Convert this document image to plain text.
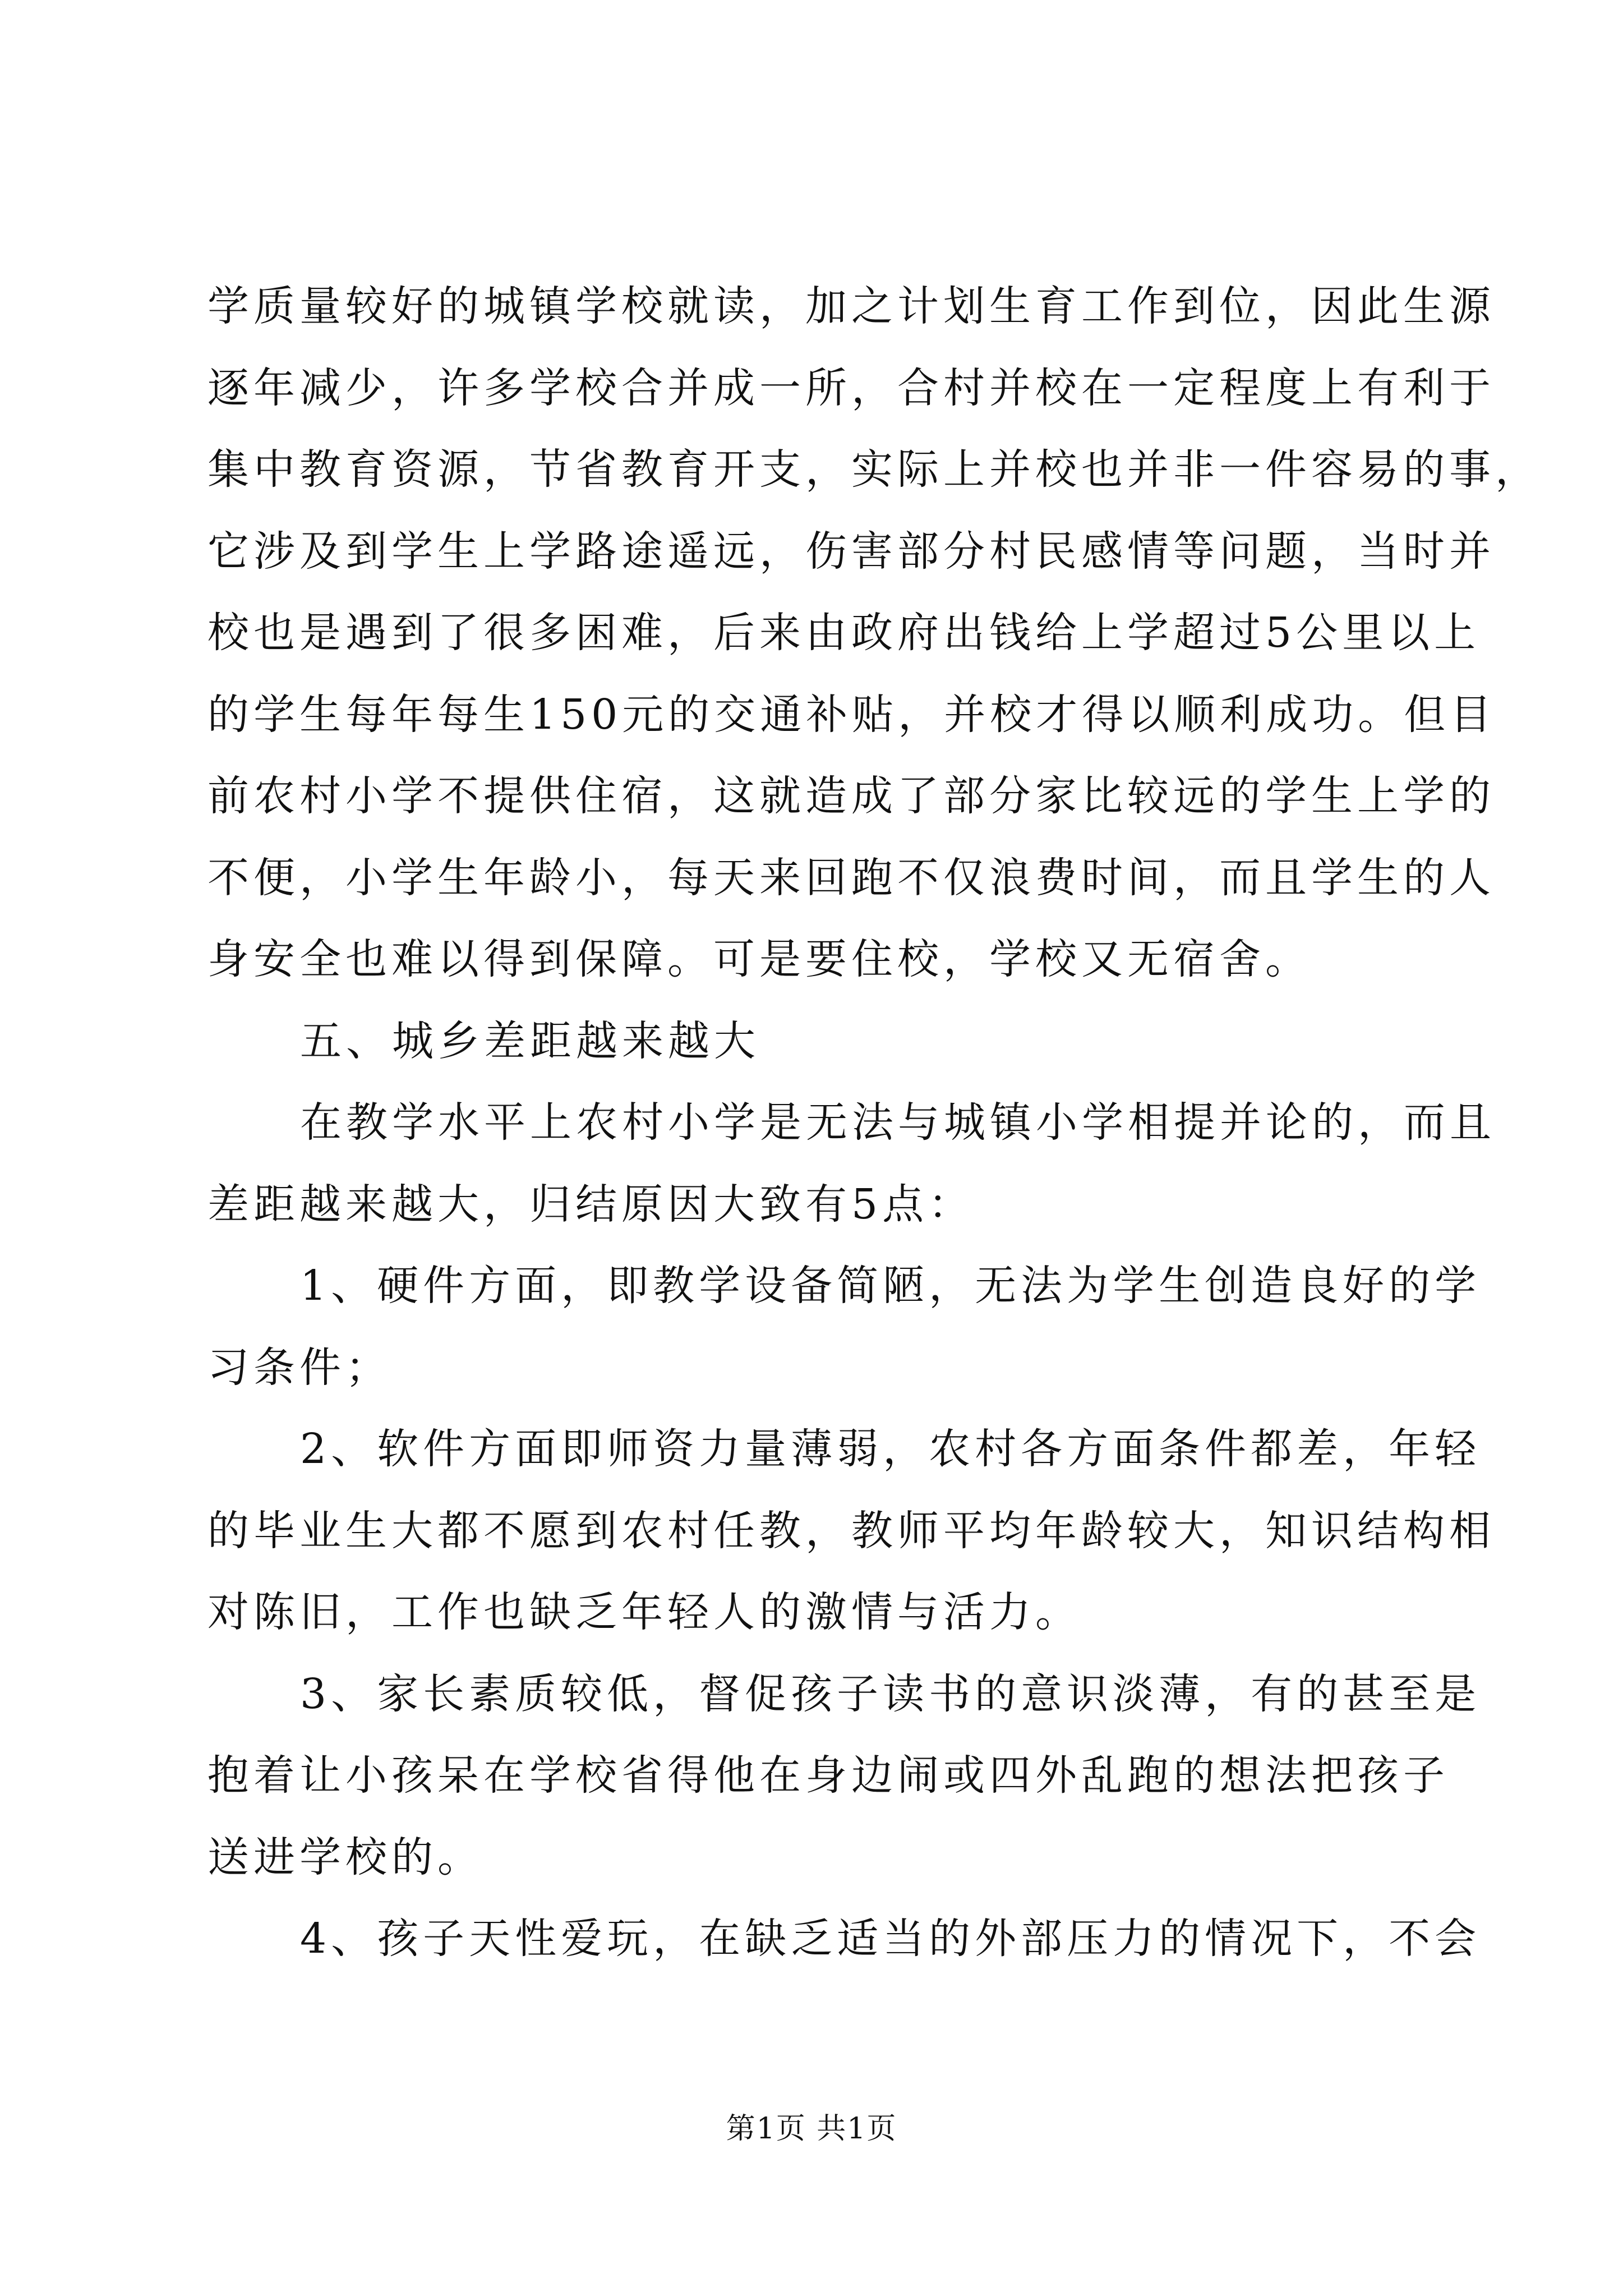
学质量较好的城镇学校就读，加之计划生育工作到位，因此生源
逐年减少，许多学校合并成一所，合村并校在一定程度上有利于
集中教育资源，节省教育开支，实际上并校也并非一件容易的事，
它涉及到学生上学路途遥远，伤害部分村民感情等问题，当时并
校也是遇到了很多困难，后来由政府出钱给上学超过5公里以上
的学生每年每生150元的交通补贴，并校才得以顺利成功。但目
前农村小学不提供住宿，这就造成了部分家比较远的学生上学的
不便，小学生年龄小，每天来回跑不仅浪费时间，而且学生的人
身安全也难以得到保障。可是要住校，学校又无宿舍。
五、城乡差距越来越大
在教学水平上农村小学是无法与城镇小学相提并论的，而且
差距越来越大，归结原因大致有5点：
1、硬件方面，即教学设备简陋，无法为学生创造良好的学
习条件；
2、软件方面即师资力量薄弱，农村各方面条件都差，年轻
的毕业生大都不愿到农村任教，教师平均年龄较大，知识结构相
对陈旧，工作也缺乏年轻人的激情与活力。
3、家长素质较低，督促孩子读书的意识淡薄，有的甚至是
抱着让小孩呆在学校省得他在身边闹或四外乱跑的想法把孩子
送进学校的。
4、孩子天性爱玩，在缺乏适当的外部压力的情况下，不会
第1页 共1页
